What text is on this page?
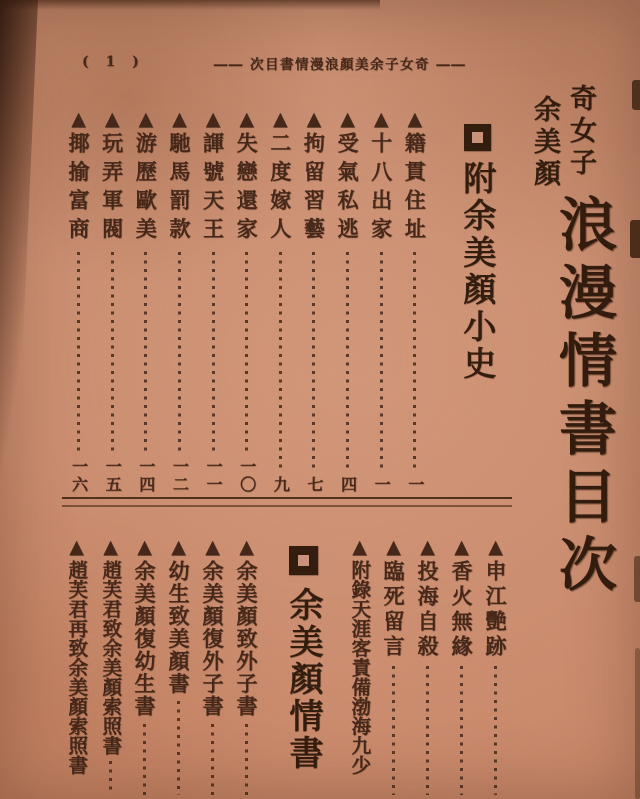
( 1 )	―― 次目書情漫浪顏美余子女奇 ――
奇女子
余美顏
浪漫情書目次
附余美顏小史
▲
籍貫住址
一
▲
十八出家
一
▲
受氣私逃
四
▲
拘留習藝
七
▲
二度嫁人
九
▲
失戀還家
一〇
▲
諢號天王
一一
▲
馳馬罰款
一二
▲
游歷歐美
一四
▲
玩弄軍閥
一五
▲
揶揄富商
一六
▲
申江艷跡
▲
香火無緣
▲
投海自殺
▲
臨死留言
▲
附錄天涯客責備渤海九少
余美顏情書
▲
余美顏致外子書
▲
余美顏復外子書
▲
幼生致美顏書
▲
余美顏復幼生書
▲
趙芙君致余美顏索照書
▲
趙芙君再致余美顏索照書
